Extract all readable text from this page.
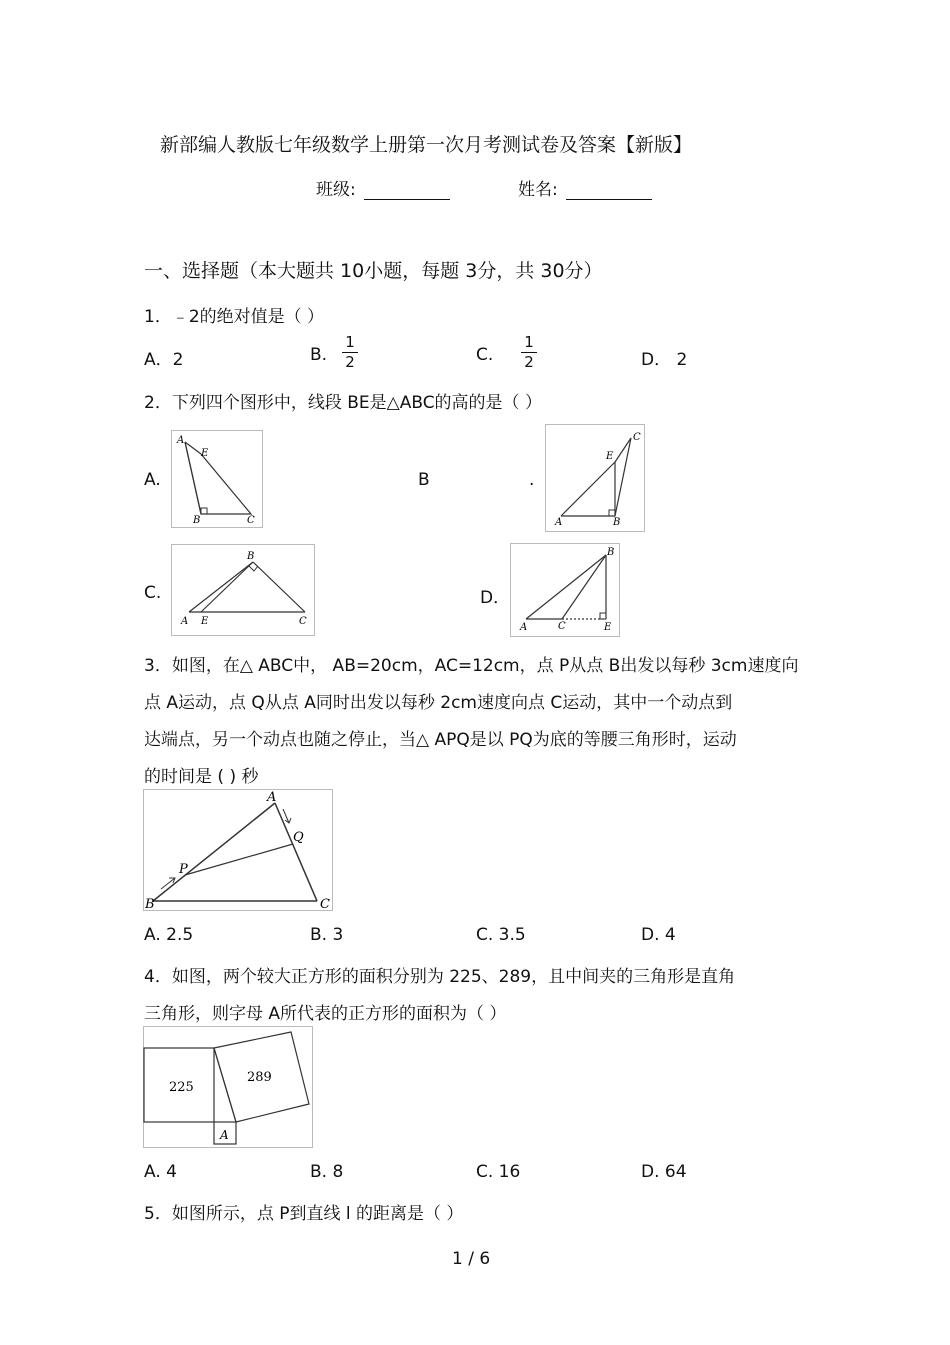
新部编人教版七年级数学上册第一次月考测试卷及答案【新版】
班级:	姓名:
一、选择题（本大题共 10小题，每题 3分，共 30分）
1．﹣2的绝对值是（ ）
A．2	B.
1
2	C.
1
2	D． 2
2．下列四个图形中，线段 BE是△ABC的高的是（ ）
A.
A
E
B	C
B	.
C
E
A	B
C.
B
A E	C
D．
B
A	C	E
3．如图，在△ ABC中， AB=20cm，AC=12cm，点 P从点 B出发以每秒 3cm速度向
点 A运动，点 Q从点 A同时出发以每秒 2cm速度向点 C运动，其中一个动点到
达端点，另一个动点也随之停止，当△ APQ是以 PQ为底的等腰三角形时，运动
的时间是 ( ) 秒
A
Q
P
B	C
A. 2.5	B. 3	C. 3.5	D. 4
4．如图，两个较大正方形的面积分别为 225、289，且中间夹的三角形是直角
三角形，则字母 A所代表的正方形的面积为（ ）
225
289
A
A. 4	B. 8	C. 16	D. 64
5．如图所示，点 P到直线 l 的距离是（ ）
1 / 6
